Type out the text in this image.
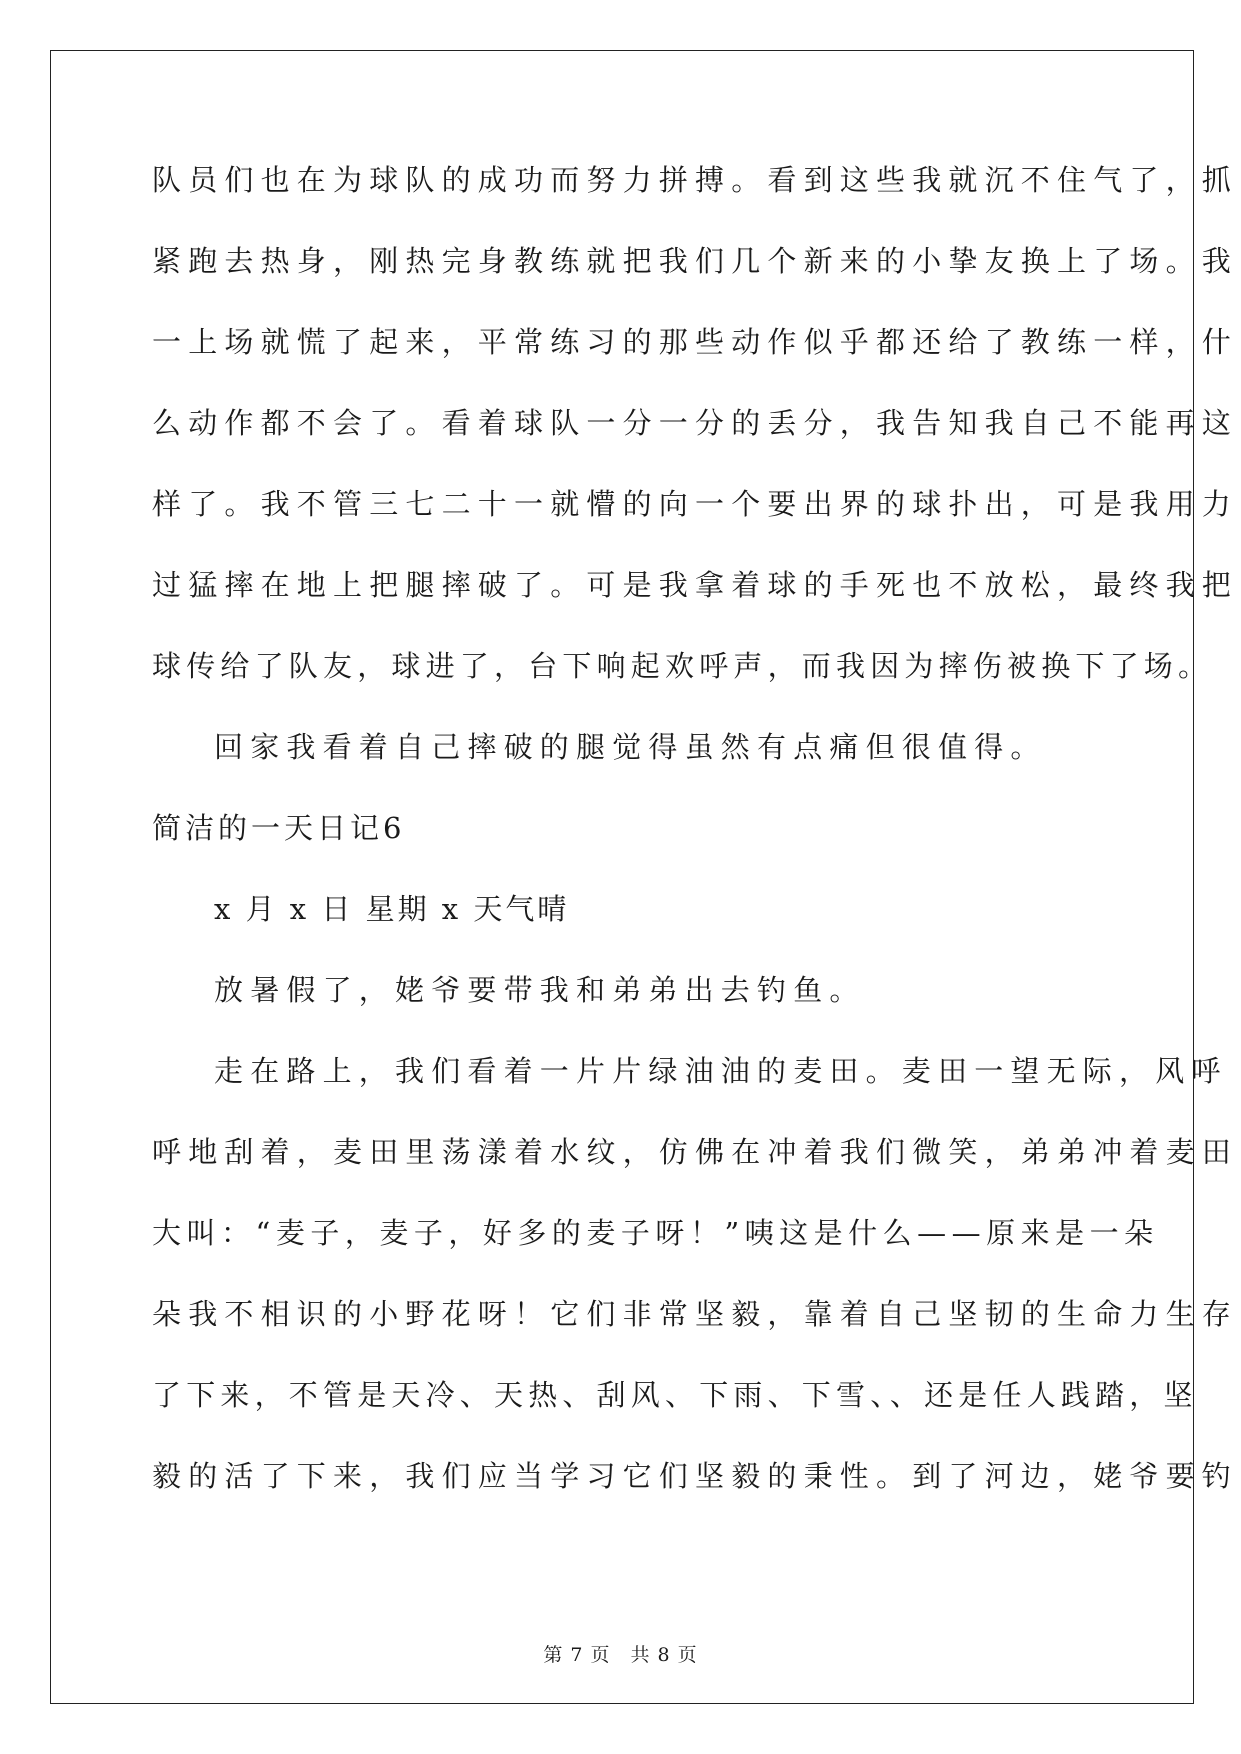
队员们也在为球队的成功而努力拼搏。看到这些我就沉不住气了，抓
紧跑去热身，刚热完身教练就把我们几个新来的小挚友换上了场。我
一上场就慌了起来，平常练习的那些动作似乎都还给了教练一样，什
么动作都不会了。看着球队一分一分的丢分，我告知我自己不能再这
样了。我不管三七二十一就懵的向一个要出界的球扑出，可是我用力
过猛摔在地上把腿摔破了。可是我拿着球的手死也不放松，最终我把
球传给了队友，球进了，台下响起欢呼声，而我因为摔伤被换下了场。
回家我看着自己摔破的腿觉得虽然有点痛但很值得。
简洁的一天日记6
x 月 x 日 星期 x 天气晴
放暑假了，姥爷要带我和弟弟出去钓鱼。
走在路上，我们看着一片片绿油油的麦田。麦田一望无际，风呼
呼地刮着，麦田里荡漾着水纹，仿佛在冲着我们微笑，弟弟冲着麦田
大叫：“麦子，麦子，好多的麦子呀！”咦这是什么——原来是一朵
朵我不相识的小野花呀！它们非常坚毅，靠着自己坚韧的生命力生存
了下来，不管是天冷、天热、刮风、下雨、下雪、、还是任人践踏，坚
毅的活了下来，我们应当学习它们坚毅的秉性。到了河边，姥爷要钓
第 7 页 共 8 页
